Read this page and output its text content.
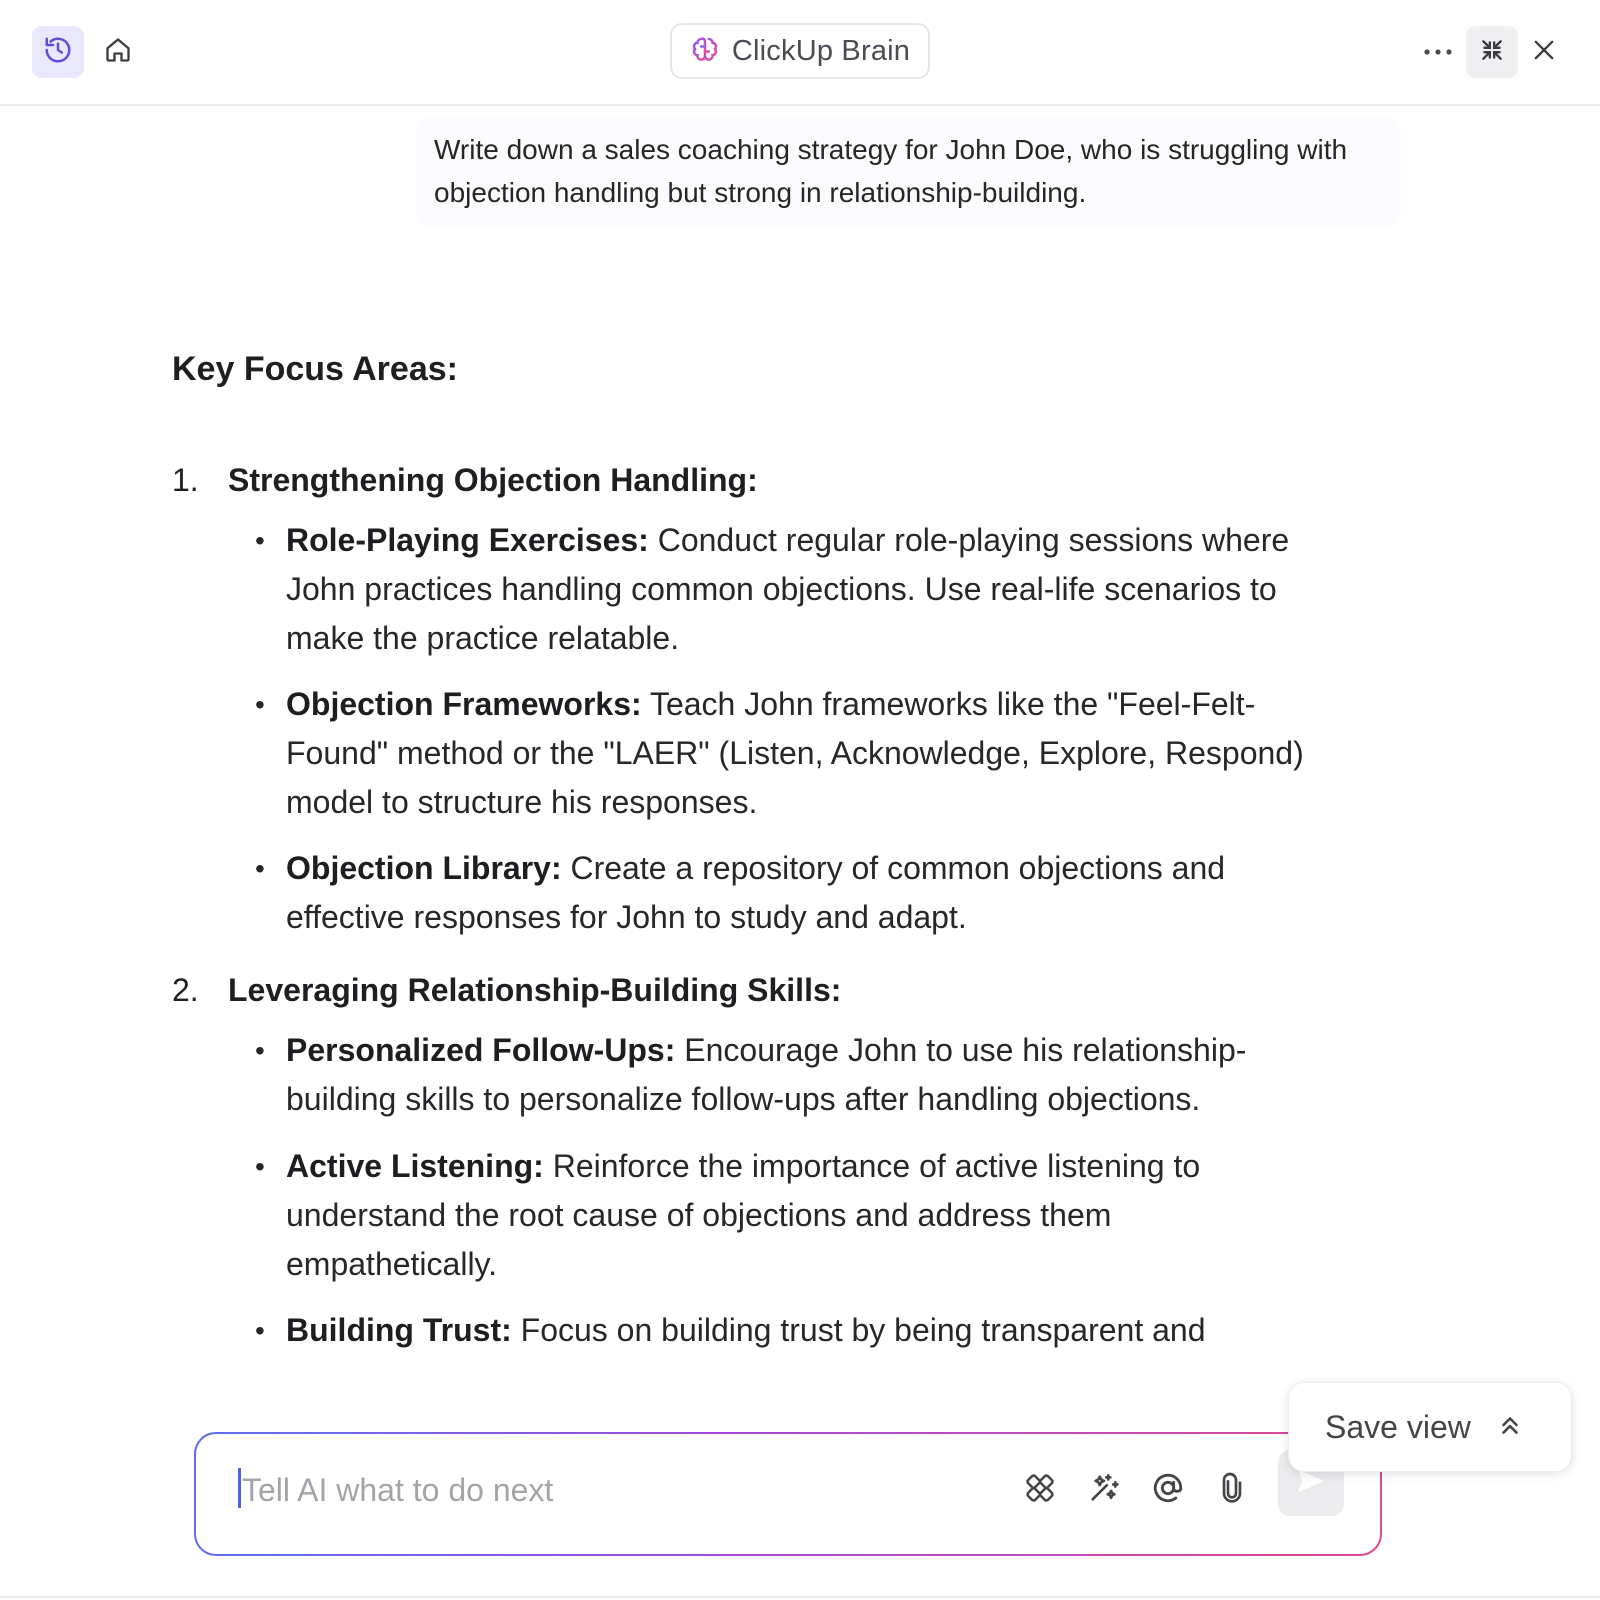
ClickUp Brain
Write down a sales coaching strategy for John Doe, who is struggling with objection handling but strong in relationship-building.
Key Focus Areas:
1. Strengthening Objection Handling:
• Role-Playing Exercises: Conduct regular role-playing sessions where John practices handling common objections. Use real-life scenarios to make the practice relatable.
• Objection Frameworks: Teach John frameworks like the "Feel-Felt-Found" method or the "LAER" (Listen, Acknowledge, Explore, Respond) model to structure his responses.
• Objection Library: Create a repository of common objections and effective responses for John to study and adapt.
2. Leveraging Relationship-Building Skills:
• Personalized Follow-Ups: Encourage John to use his relationship-building skills to personalize follow-ups after handling objections.
• Active Listening: Reinforce the importance of active listening to understand the root cause of objections and address them empathetically.
• Building Trust: Focus on building trust by being transparent and
Tell AI what to do next
Save view
